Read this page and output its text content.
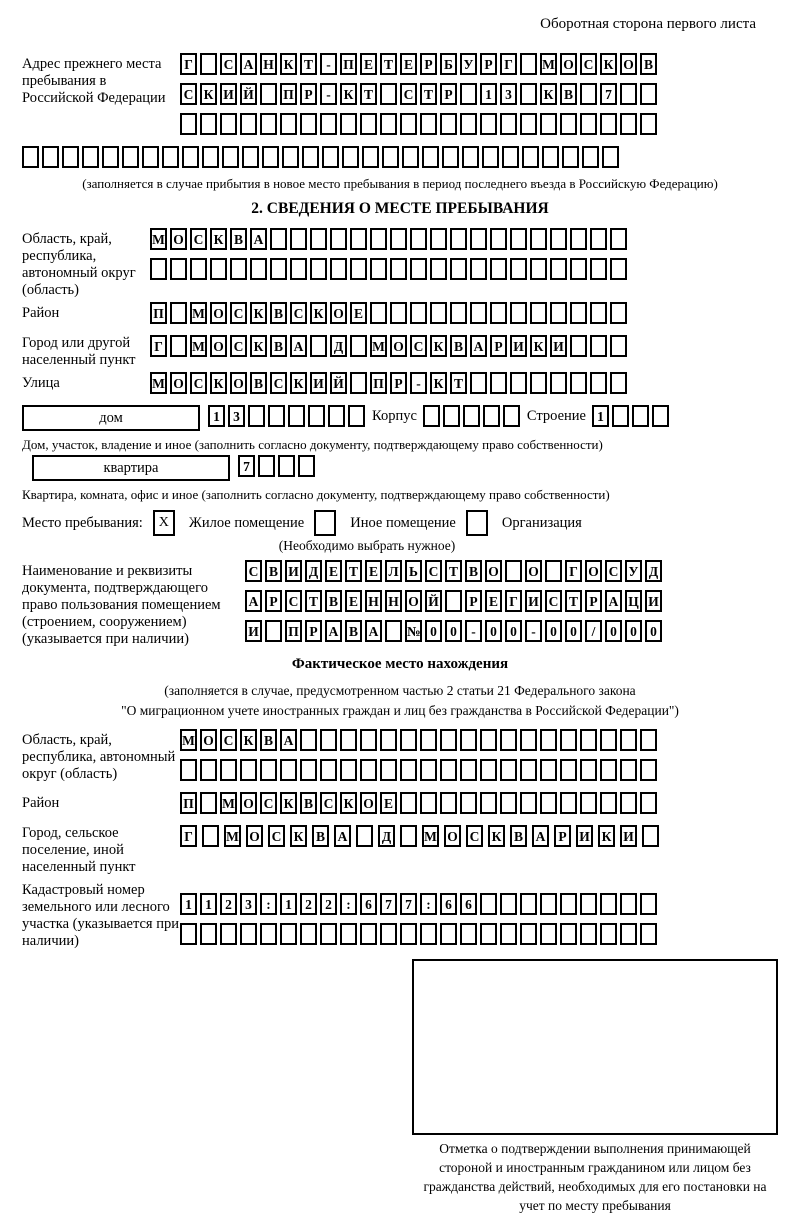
Оборотная сторона первого листа
Адрес прежнего места пребывания в Российской Федерации
Г С А Н К Т - П Е Т Е Р Б У Р Г М О С К О В
С К И Й П Р - К Т С Т Р 1 3 К В 7
(заполняется в случае прибытия в новое место пребывания в период последнего въезда в Российскую Федерацию)
2. СВЕДЕНИЯ О МЕСТЕ ПРЕБЫВАНИЯ
Область, край, республика, автономный округ (область)
М О С К В А
Район	П М О С К В С К О Е
Город или другой населенный пункт
Г М О С К В А Д М О С К В А Р И К И
Улица	М О С К О В С К И Й П Р - К Т
дом	1 3	Корпус	Строение 1
Дом, участок, владение и иное (заполнить согласно документу, подтверждающему право собственности)
квартира	7
Квартира, комната, офис и иное (заполнить согласно документу, подтверждающему право собственности)
Место пребывания:	X	Жилое помещение	Иное помещение	Организация
(Необходимо выбрать нужное)
Наименование и реквизиты документа, подтверждающего право пользования помещением (строением, сооружением) (указывается при наличии)
С В И Д Е Т Е Л Ь С Т В О О Г О С У Д
А Р С Т В Е Н Н О Й Р Е Г И С Т Р А Ц И
И П Р А В А № 0 0 - 0 0 - 0 0 / 0 0 0
Фактическое место нахождения
(заполняется в случае, предусмотренном частью 2 статьи 21 Федерального закона
"О миграционном учете иностранных граждан и лиц без гражданства в Российской Федерации")
Область, край, республика, автономный округ (область)
М О С К В А
Район	П М О С К В С К О Е
Город, сельское поселение, иной населенный пункт
Г М О С К В А	Д М О С К В А Р И К И
Кадастровый номер земельного или лесного участка (указывается при наличии)
1 1 2 3 : 1 2 2 : 6 7 7 : 6 6
Отметка о подтверждении выполнения принимающей стороной и иностранным гражданином или лицом без гражданства действий, необходимых для его постановки на учет по месту пребывания
